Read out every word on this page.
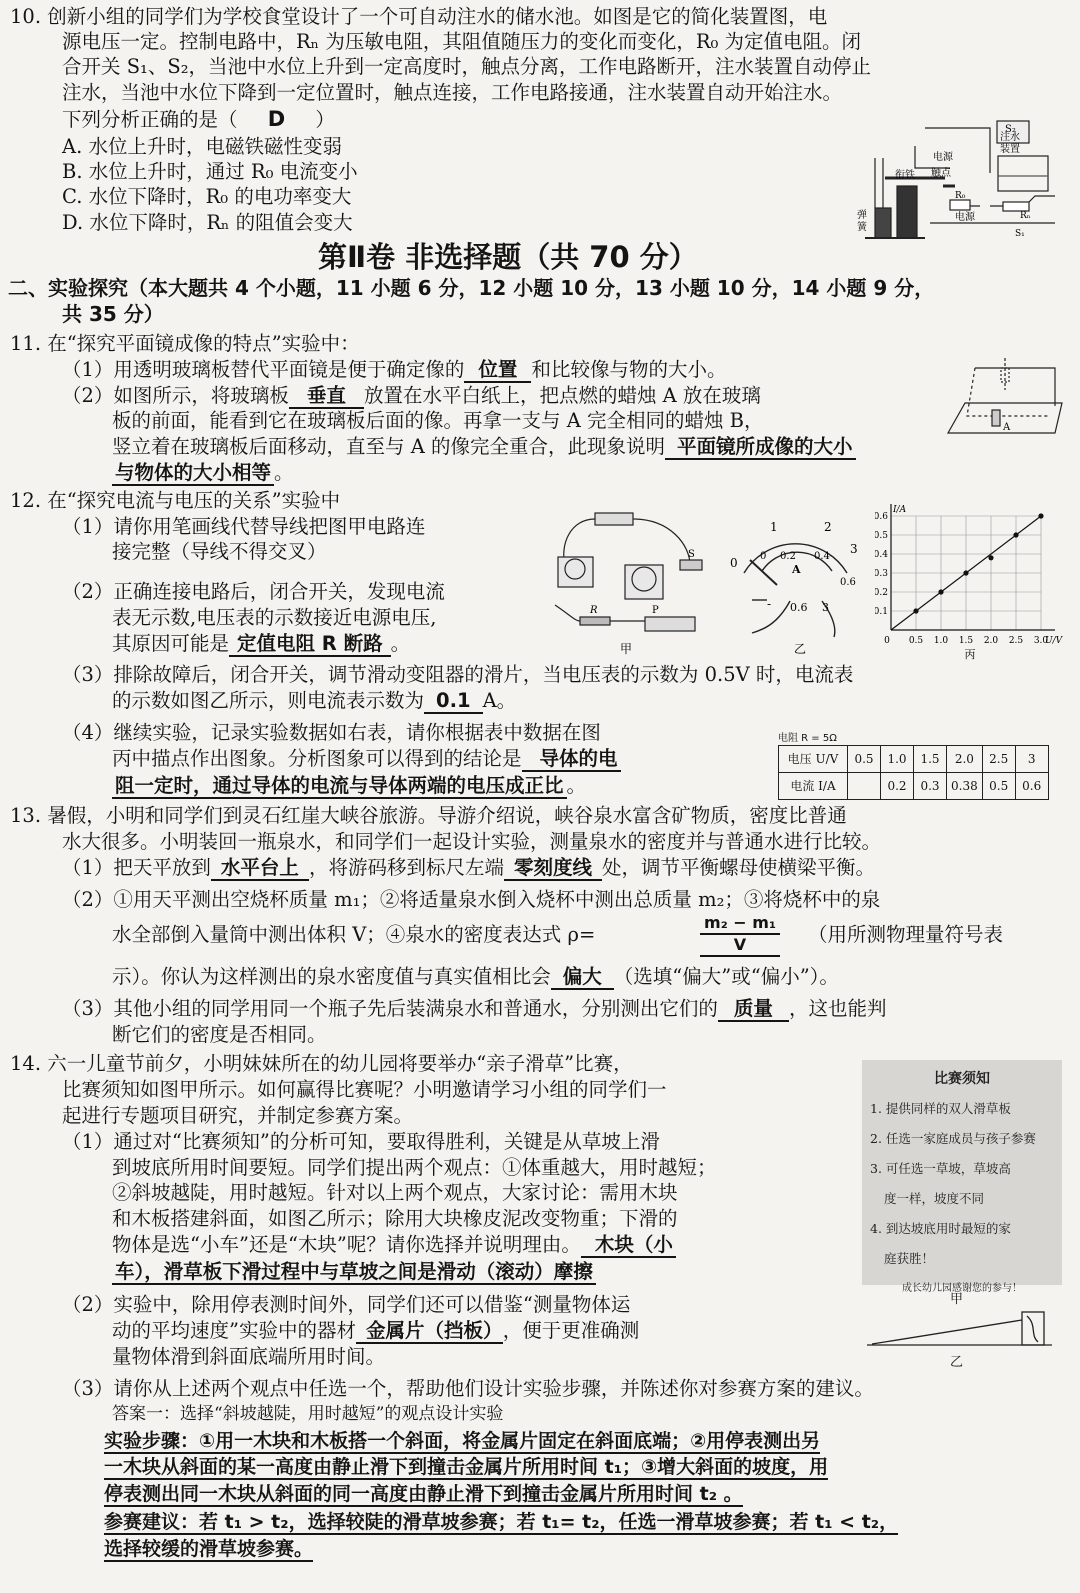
10. 创新小组的同学们为学校食堂设计了一个可自动注水的储水池。如图是它的简化装置图，电
源电压一定。控制电路中，Rₙ 为压敏电阻，其阻值随压力的变化而变化，R₀ 为定值电阻。闭
合开关 S₁、S₂，当池中水位上升到一定高度时，触点分离，工作电路断开，注水装置自动停止
注水，当池中水位下降到一定位置时，触点连接，工作电路接通，注水装置自动开始注水。
下列分析正确的是（ D ）
A. 水位上升时，电磁铁磁性变弱
B. 水位上升时，通过 R₀ 电流变小
C. 水位下降时，R₀ 的电功率变大
D. 水位下降时，Rₙ 的阻值会变大
S₂
注水
装置
电源
衔铁 触点
弹
簧
R₀
Rₙ
电源
S₁
第Ⅱ卷 非选择题（共 70 分）
二、实验探究（本大题共 4 个小题，11 小题 6 分，12 小题 10 分，13 小题 10 分，14 小题 9 分，
共 35 分）
11. 在“探究平面镜成像的特点”实验中：
（1）用透明玻璃板替代平面镜是便于确定像的 位置 和比较像与物的大小。
（2）如图所示，将玻璃板 垂直 放置在水平白纸上，把点燃的蜡烛 A 放在玻璃
板的前面，能看到它在玻璃板后面的像。再拿一支与 A 完全相同的蜡烛 B，
竖立着在玻璃板后面移动，直至与 A 的像完全重合，此现象说明 平面镜所成像的大小
与物体的大小相等 。
A
12. 在“探究电流与电压的关系”实验中
（1）请你用笔画线代替导线把图甲电路连
接完整（导线不得交叉）
（2）正确连接电路后，闭合开关，发现电流
表无示数,电压表的示数接近电源电压,
其原因可能是 定值电阻 R 断路 。
（3）排除故障后，闭合开关，调节滑动变阻器的滑片，当电压表的示数为 0.5V 时，电流表
的示数如图乙所示，则电流表示数为 0.1 A。
（4）继续实验，记录实验数据如右表，请你根据表中数据在图
丙中描点作出图象。分析图象可以得到的结论是 导体的电
阻一定时，通过导体的电流与导体两端的电压成正比 。
R	P
S
甲
0
1	2
3
0 0.2 0.4
0.6
A
- 0.6 3
乙
0.5 1.0 1.5 2.0 2.5 3.0
0.1
0.2
0.3
0.4
0.5
0.6
0	U/V
I/A
丙
电阻 R = 5Ω
电压 U/V	0.5	1.0	1.5	2.0	2.5	3
电流 I/A		0.2	0.3	0.38	0.5	0.6
13. 暑假，小明和同学们到灵石红崖大峡谷旅游。导游介绍说，峡谷泉水富含矿物质，密度比普通
水大很多。小明装回一瓶泉水，和同学们一起设计实验，测量泉水的密度并与普通水进行比较。
（1）把天平放到 水平台上 ，将游码移到标尺左端 零刻度线 处，调节平衡螺母使横梁平衡。
（2）①用天平测出空烧杯质量 m₁；②将适量泉水倒入烧杯中测出总质量 m₂；③将烧杯中的泉
水全部倒入量筒中测出体积 V；④泉水的密度表达式 ρ=	$\frac{\text{m₂ − m₁}}{V}$ （用所测物理量符号表
示）。你认为这样测出的泉水密度值与真实值相比会 偏大 （选填“偏大”或“偏小”）。
（3）其他小组的同学用同一个瓶子先后装满泉水和普通水，分别测出它们的 质量 ，这也能判
断它们的密度是否相同。
14. 六一儿童节前夕，小明妹妹所在的幼儿园将要举办“亲子滑草”比赛，
比赛须知如图甲所示。如何赢得比赛呢？小明邀请学习小组的同学们一
起进行专题项目研究，并制定参赛方案。
（1）通过对“比赛须知”的分析可知，要取得胜利，关键是从草坡上滑
到坡底所用时间要短。同学们提出两个观点：①体重越大，用时越短；
②斜坡越陡，用时越短。针对以上两个观点，大家讨论：需用木块
和木板搭建斜面，如图乙所示；除用大块橡皮泥改变物重；下滑的
物体是选“小车”还是“木块”呢？请你选择并说明理由。 木块（小
车），滑草板下滑过程中与草坡之间是滑动（滚动）摩擦
（2）实验中，除用停表测时间外，同学们还可以借鉴“测量物体运
动的平均速度”实验中的器材 金属片（挡板） ，便于更准确测
量物体滑到斜面底端所用时间。
（3）请你从上述两个观点中任选一个，帮助他们设计实验步骤，并陈述你对参赛方案的建议。
答案一：选择“斜坡越陡，用时越短”的观点设计实验
实验步骤：①用一木块和木板搭一个斜面，将金属片固定在斜面底端；②用停表测出另
一木块从斜面的某一高度由静止滑下到撞击金属片所用时间 t₁；③增大斜面的坡度，用
停表测出同一木块从斜面的同一高度由静止滑下到撞击金属片所用时间 t₂ 。
参赛建议：若 t₁ > t₂，选择较陡的滑草坡参赛；若 t₁= t₂，任选一滑草坡参赛；若 t₁ < t₂，
选择较缓的滑草坡参赛。
比赛须知
1. 提供同样的双人滑草板
2. 任选一家庭成员与孩子参赛
3. 可任选一草坡，草坡高
度一样，坡度不同
4. 到达坡底用时最短的家
庭获胜！
成长幼儿园感谢您的参与！
甲
乙
